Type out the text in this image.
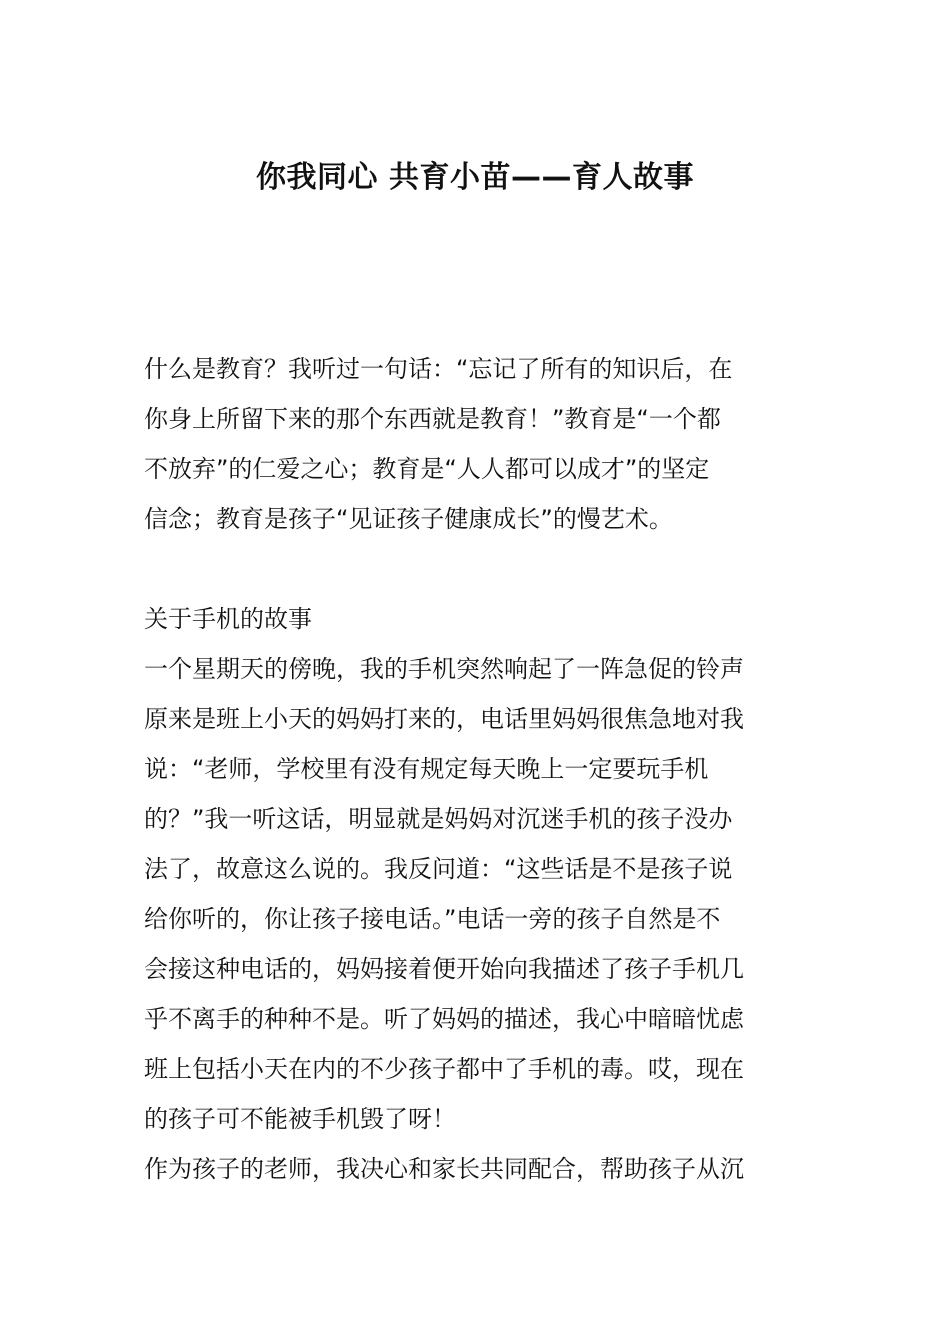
你我同心 共育小苗——育人故事
什么是教育？我听过一句话：“忘记了所有的知识后，在
你身上所留下来的那个东西就是教育！”教育是“一个都
不放弃”的仁爱之心；教育是“人人都可以成才”的坚定
信念；教育是孩子“见证孩子健康成长”的慢艺术。
关于手机的故事
一个星期天的傍晚，我的手机突然响起了一阵急促的铃声
原来是班上小天的妈妈打来的，电话里妈妈很焦急地对我
说：“老师，学校里有没有规定每天晚上一定要玩手机
的？”我一听这话，明显就是妈妈对沉迷手机的孩子没办
法了，故意这么说的。我反问道：“这些话是不是孩子说
给你听的，你让孩子接电话。”电话一旁的孩子自然是不
会接这种电话的，妈妈接着便开始向我描述了孩子手机几
乎不离手的种种不是。听了妈妈的描述，我心中暗暗忧虑
班上包括小天在内的不少孩子都中了手机的毒。哎，现在
的孩子可不能被手机毁了呀！
作为孩子的老师，我决心和家长共同配合，帮助孩子从沉
